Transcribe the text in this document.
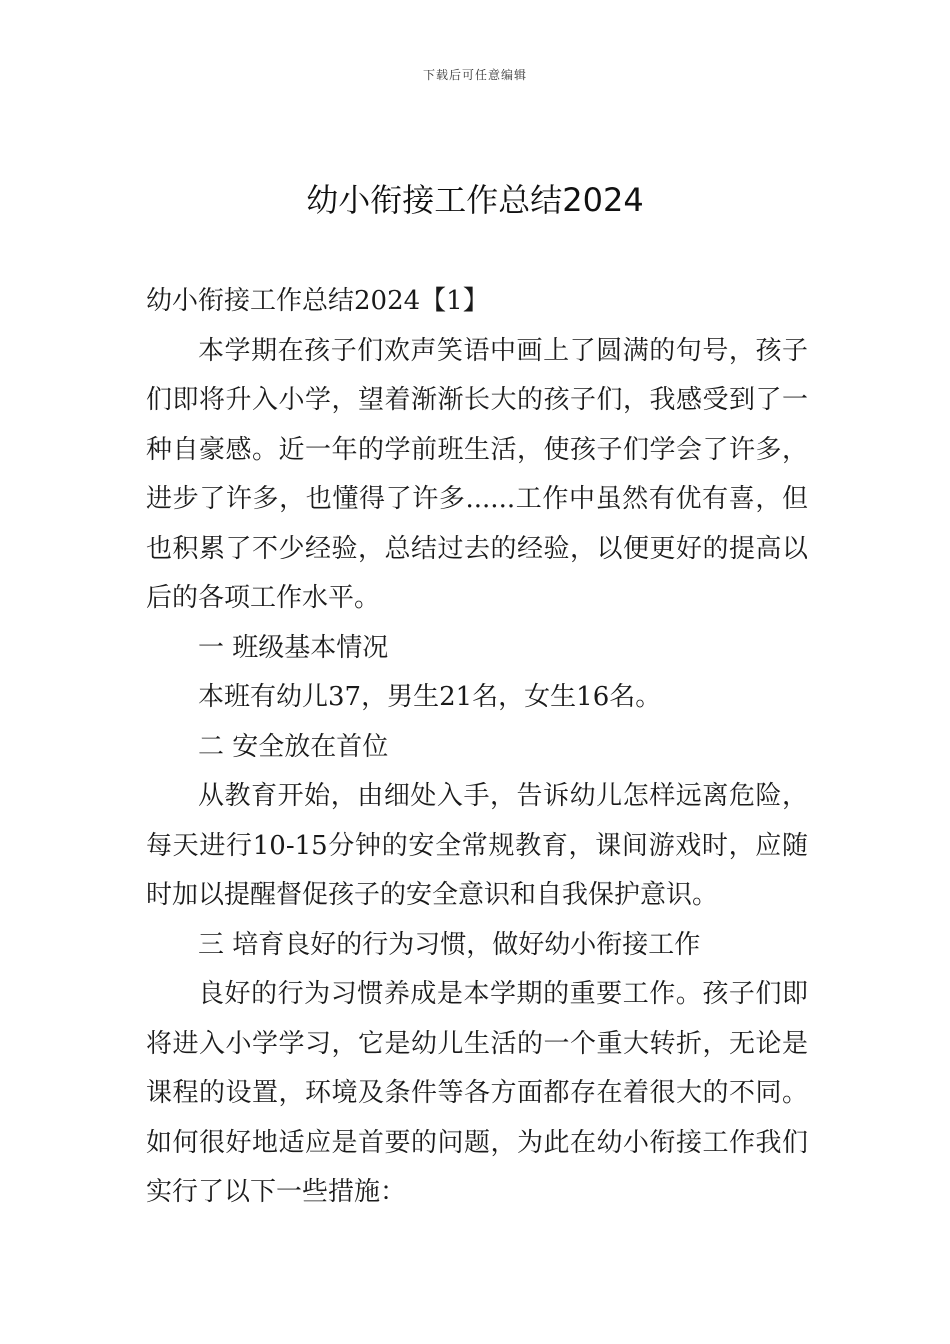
下载后可任意编辑
幼小衔接工作总结2024

幼小衔接工作总结2024【1】

本学期在孩子们欢声笑语中画上了圆满的句号，孩子们即将升入小学，望着渐渐长大的孩子们，我感受到了一种自豪感。近一年的学前班生活，使孩子们学会了许多，进步了许多，也懂得了许多......工作中虽然有优有喜，但也积累了不少经验，总结过去的经验，以便更好的提高以后的各项工作水平。

一 班级基本情况

本班有幼儿37，男生21名，女生16名。

二 安全放在首位

从教育开始，由细处入手，告诉幼儿怎样远离危险，每天进行10-15分钟的安全常规教育，课间游戏时，应随时加以提醒督促孩子的安全意识和自我保护意识。

三 培育良好的行为习惯，做好幼小衔接工作

良好的行为习惯养成是本学期的重要工作。孩子们即将进入小学学习，它是幼儿生活的一个重大转折，无论是课程的设置，环境及条件等各方面都存在着很大的不同。如何很好地适应是首要的问题，为此在幼小衔接工作我们实行了以下一些措施：
